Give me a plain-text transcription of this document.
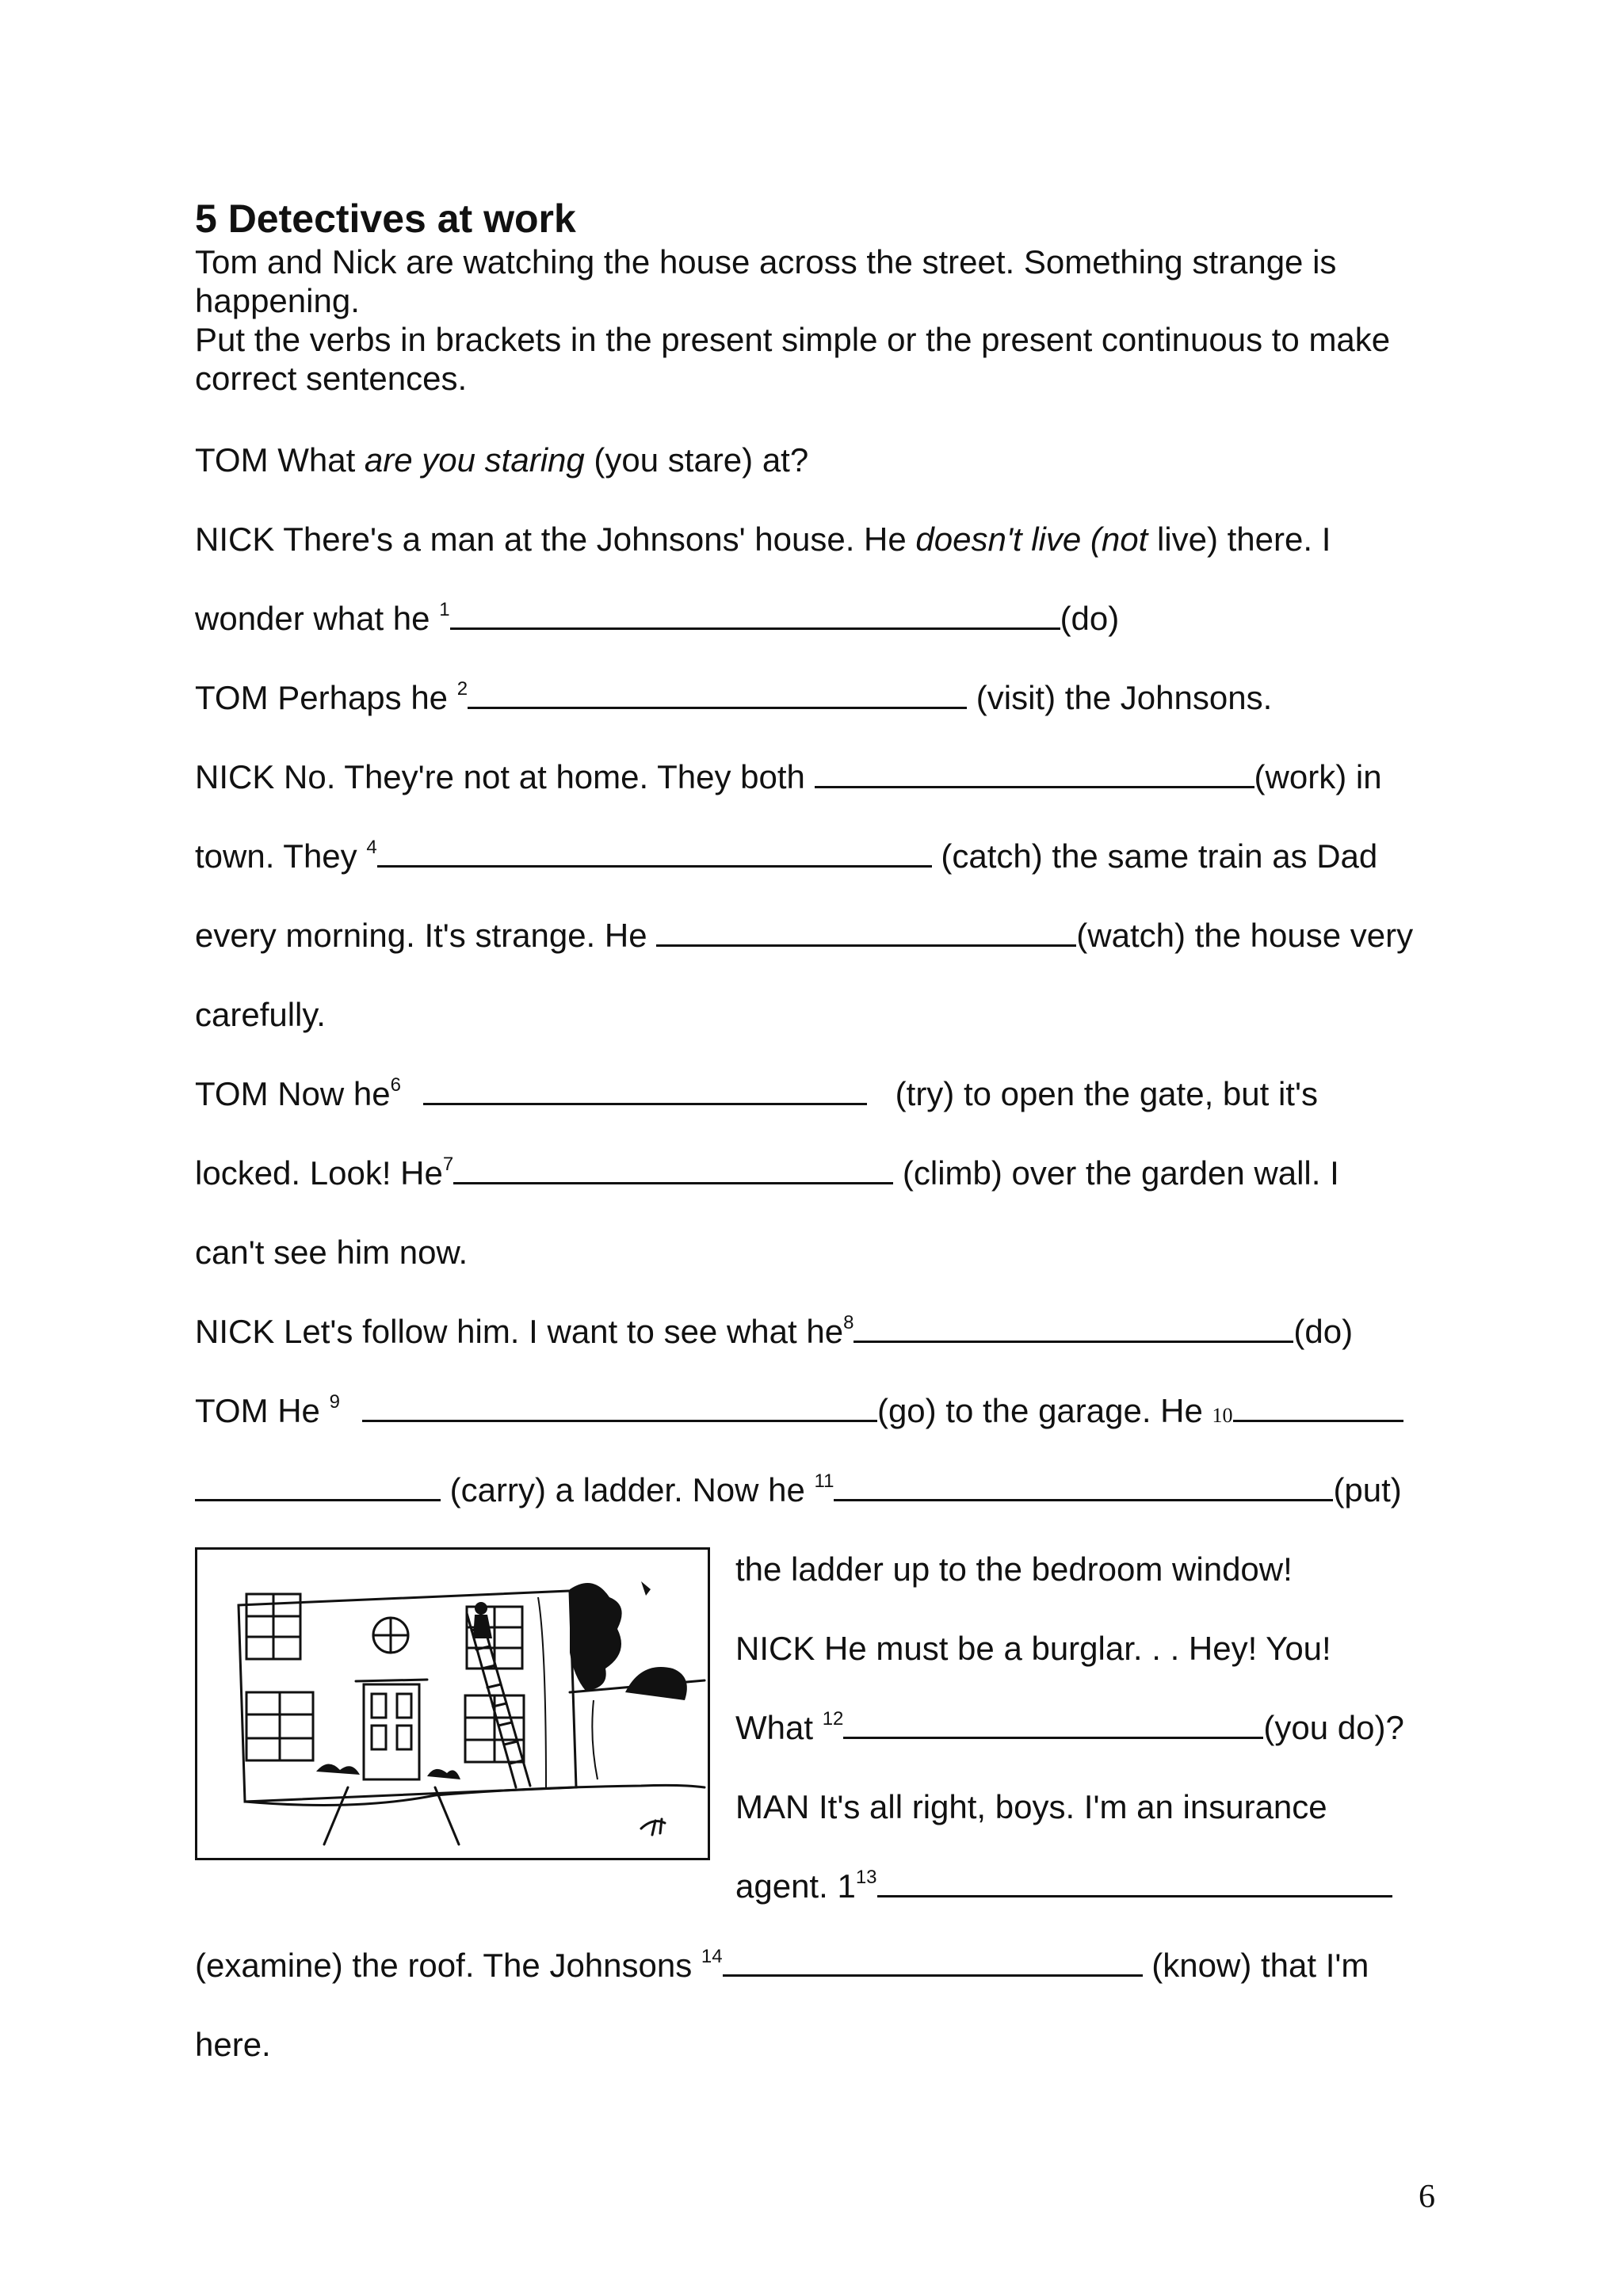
5 Detectives at work

Tom and Nick are watching the house across the street. Something strange is happening.

Put the verbs in brackets in the present simple or the present continuous to make correct sentences.

TOM What are you staring (you stare) at?
NICK There's a man at the Johnsons' house. He doesn't live (not live) there. I
wonder what he $^1$	(do)
TOM Perhaps he $^2$	(visit) the Johnsons.
NICK No. They're not at home. They both	(work) in
town. They $^4$	(catch) the same train as Dad
every morning. It's strange. He	(watch) the house very
carefully.
TOM Now $he^6$	(try) to open the gate, but it's
locked. Look! He$^7$	(climb) over the garden wall. I
can't see him now.
NICK Let's follow him. I want to see what $he^8$	(do)
TOM He $^9$	(go) to the garage. He 10
(carry) a ladder. Now he $^{11}$	(put)
the ladder up to the bedroom window!
NICK He must be a burglar. . . Hey! You!
What $^{12}$	(you do)?
MAN It's all right, boys. I'm an insurance
agent. $1^{13}$
(examine) the roof. The Johnsons $^{14}$	(know) that I'm
here.
6
